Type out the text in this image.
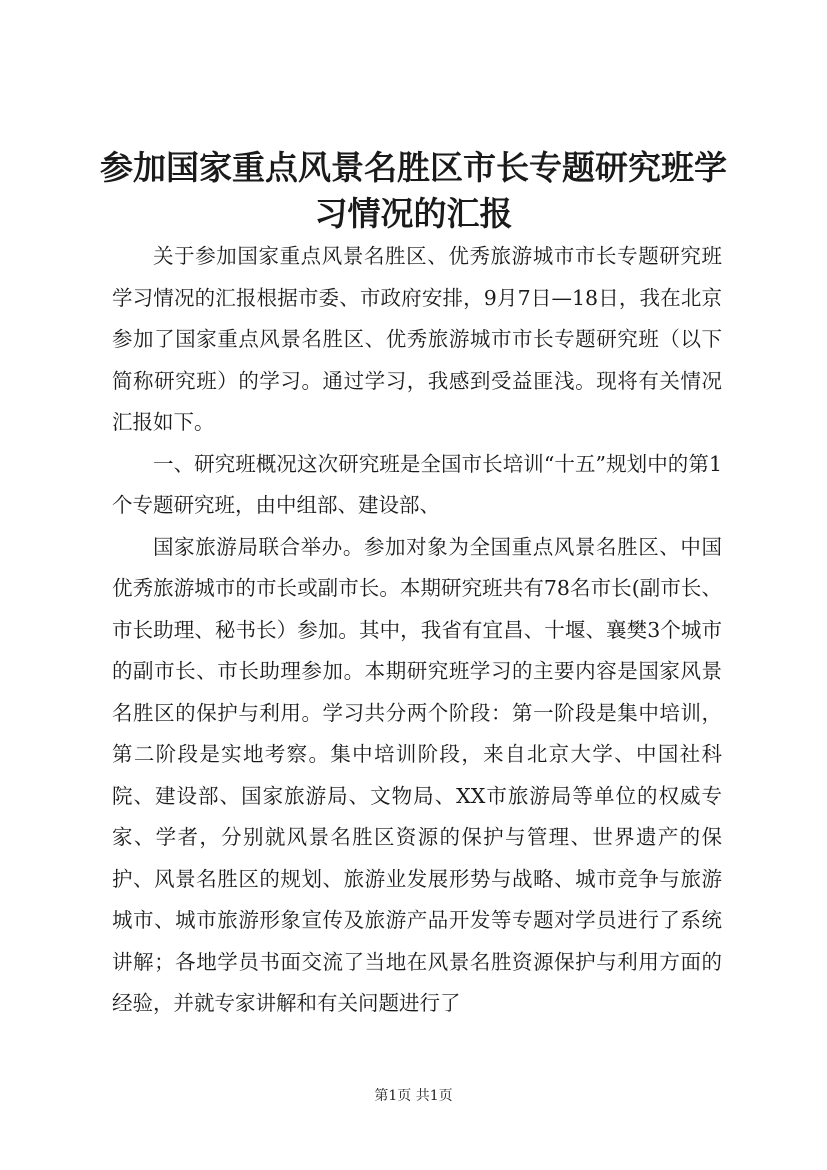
参加国家重点风景名胜区市长专题研究班学习情况的汇报

关于参加国家重点风景名胜区、优秀旅游城市市长专题研究班学习情况的汇报根据市委、市政府安排，9月7日—18日，我在北京参加了国家重点风景名胜区、优秀旅游城市市长专题研究班（以下简称研究班）的学习。通过学习，我感到受益匪浅。现将有关情况汇报如下。

一、研究班概况这次研究班是全国市长培训“十五”规划中的第1个专题研究班，由中组部、建设部、

国家旅游局联合举办。参加对象为全国重点风景名胜区、中国优秀旅游城市的市长或副市长。本期研究班共有78名市长(副市长、市长助理、秘书长）参加。其中，我省有宜昌、十堰、襄樊3个城市的副市长、市长助理参加。本期研究班学习的主要内容是国家风景名胜区的保护与利用。学习共分两个阶段：第一阶段是集中培训，第二阶段是实地考察。集中培训阶段，来自北京大学、中国社科院、建设部、国家旅游局、文物局、XX市旅游局等单位的权威专家、学者，分别就风景名胜区资源的保护与管理、世界遗产的保护、风景名胜区的规划、旅游业发展形势与战略、城市竞争与旅游城市、城市旅游形象宣传及旅游产品开发等专题对学员进行了系统讲解；各地学员书面交流了当地在风景名胜资源保护与利用方面的经验，并就专家讲解和有关问题进行了

第1页 共1页
